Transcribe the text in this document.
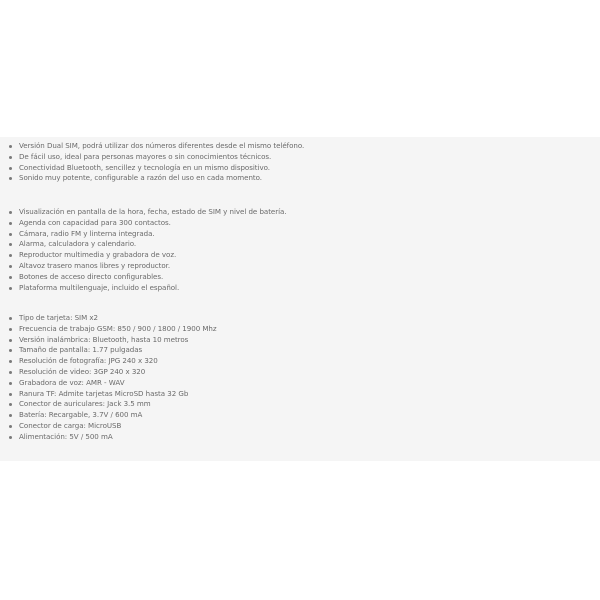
Versión Dual SIM, podrá utilizar dos números diferentes desde el mismo teléfono.
De fácil uso, ideal para personas mayores o sin conocimientos técnicos.
Conectividad Bluetooth, sencillez y tecnología en un mismo dispositivo.
Sonido muy potente, configurable a razón del uso en cada momento.
Visualización en pantalla de la hora, fecha, estado de SIM y nivel de batería.
Agenda con capacidad para 300 contactos.
Cámara, radio FM y linterna integrada.
Alarma, calculadora y calendario.
Reproductor multimedia y grabadora de voz.
Altavoz trasero manos libres y reproductor.
Botones de acceso directo configurables.
Plataforma multilenguaje, incluido el español.
Tipo de tarjeta: SIM x2
Frecuencia de trabajo GSM: 850 / 900 / 1800 / 1900 Mhz
Versión inalámbrica: Bluetooth, hasta 10 metros
Tamaño de pantalla: 1.77 pulgadas
Resolución de fotografía: JPG 240 x 320
Resolución de video: 3GP 240 x 320
Grabadora de voz: AMR - WAV
Ranura TF: Admite tarjetas MicroSD hasta 32 Gb
Conector de auriculares: Jack 3.5 mm
Batería: Recargable, 3.7V / 600 mA
Conector de carga: MicroUSB
Alimentación: 5V / 500 mA
